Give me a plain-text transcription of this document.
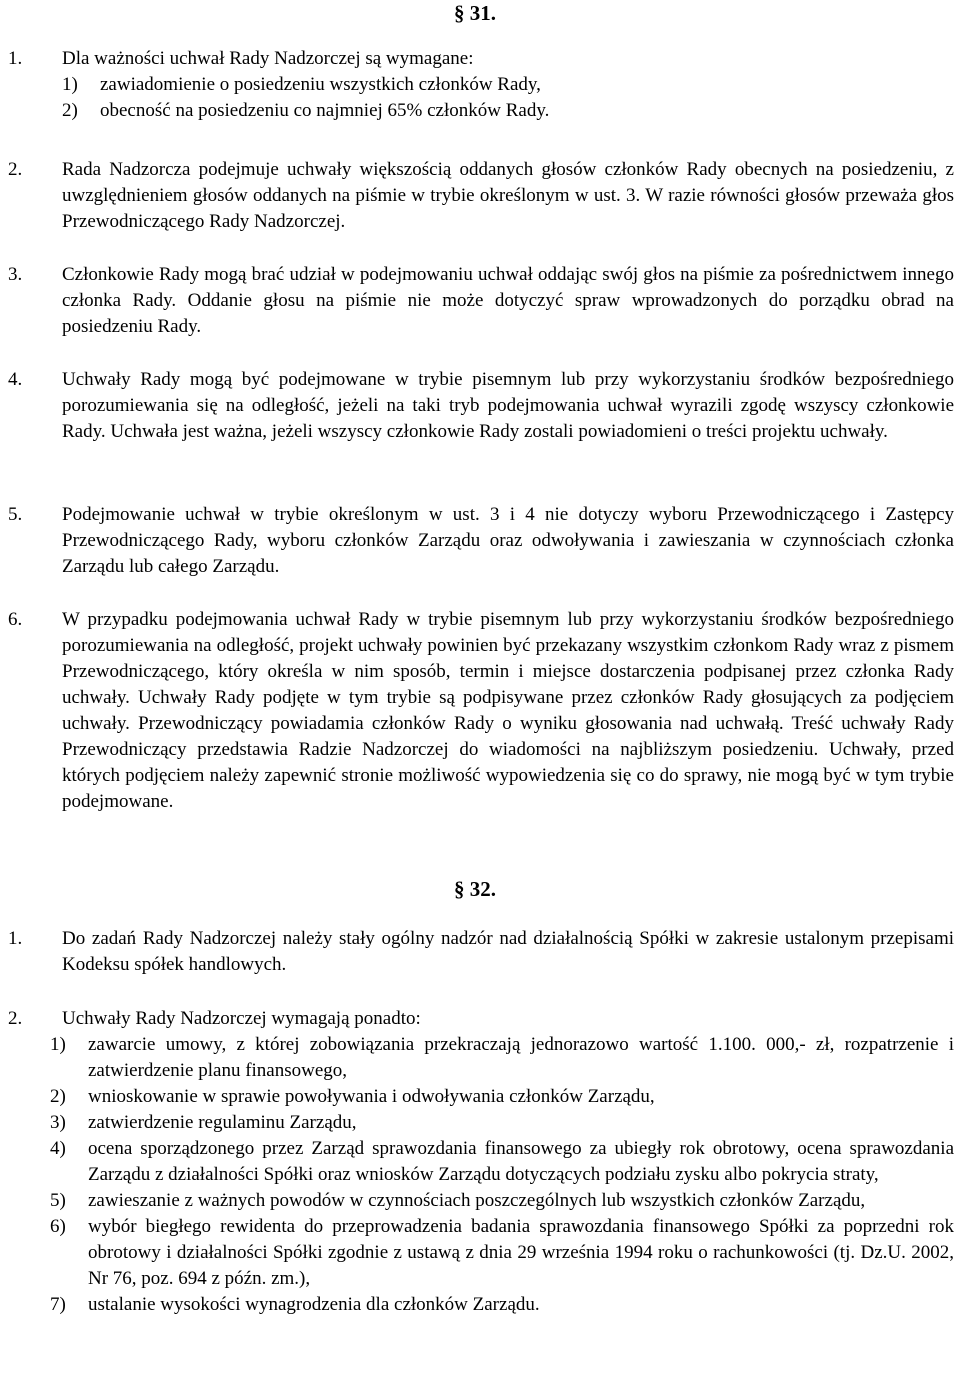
§ 31.
1. Dla ważności uchwał Rady Nadzorczej są wymagane:
1) zawiadomienie o posiedzeniu wszystkich członków Rady,
2) obecność na posiedzeniu co najmniej 65% członków Rady.
2. Rada Nadzorcza podejmuje uchwały większością oddanych głosów członków Rady obecnych na posiedzeniu, z uwzględnieniem głosów oddanych na piśmie w trybie określonym w ust. 3. W razie równości głosów przeważa głos Przewodniczącego Rady Nadzorczej.
3. Członkowie Rady mogą brać udział w podejmowaniu uchwał oddając swój głos na piśmie za pośrednictwem innego członka Rady. Oddanie głosu na piśmie nie może dotyczyć spraw wprowadzonych do porządku obrad na posiedzeniu Rady.
4. Uchwały Rady mogą być podejmowane w trybie pisemnym lub przy wykorzystaniu środków bezpośredniego porozumiewania się na odległość, jeżeli na taki tryb podejmowania uchwał wyrazili zgodę wszyscy członkowie Rady. Uchwała jest ważna, jeżeli wszyscy członkowie Rady zostali powiadomieni o treści projektu uchwały.
5. Podejmowanie uchwał w trybie określonym w ust. 3 i 4 nie dotyczy wyboru Przewodniczącego i Zastępcy Przewodniczącego Rady, wyboru członków Zarządu oraz odwoływania i zawieszania w czynnościach członka Zarządu lub całego Zarządu.
6. W przypadku podejmowania uchwał Rady w trybie pisemnym lub przy wykorzystaniu środków bezpośredniego porozumiewania na odległość, projekt uchwały powinien być przekazany wszystkim członkom Rady wraz z pismem Przewodniczącego, który określa w nim sposób, termin i miejsce dostarczenia podpisanej przez członka Rady uchwały. Uchwały Rady podjęte w tym trybie są podpisywane przez członków Rady głosujących za podjęciem uchwały. Przewodniczący powiadamia członków Rady o wyniku głosowania nad uchwałą. Treść uchwały Rady Przewodniczący przedstawia Radzie Nadzorczej do wiadomości na najbliższym posiedzeniu. Uchwały, przed których podjęciem należy zapewnić stronie możliwość wypowiedzenia się co do sprawy, nie mogą być w tym trybie podejmowane.
§ 32.
1. Do zadań Rady Nadzorczej należy stały ogólny nadzór nad działalnością Spółki w zakresie ustalonym przepisami Kodeksu spółek handlowych.
2. Uchwały Rady Nadzorczej wymagają ponadto:
1) zawarcie umowy, z której zobowiązania przekraczają jednorazowo wartość 1.100. 000,- zł, rozpatrzenie i zatwierdzenie planu finansowego,
2) wnioskowanie w sprawie powoływania i odwoływania członków Zarządu,
3) zatwierdzenie regulaminu Zarządu,
4) ocena sporządzonego przez Zarząd sprawozdania finansowego za ubiegły rok obrotowy, ocena sprawozdania Zarządu z działalności Spółki oraz wniosków Zarządu dotyczących podziału zysku albo pokrycia straty,
5) zawieszanie z ważnych powodów w czynnościach poszczególnych lub wszystkich członków Zarządu,
6) wybór biegłego rewidenta do przeprowadzenia badania sprawozdania finansowego Spółki za poprzedni rok obrotowy i działalności Spółki zgodnie z ustawą z dnia 29 września 1994 roku o rachunkowości (tj. Dz.U. 2002, Nr 76, poz. 694 z późn. zm.),
7) ustalanie wysokości wynagrodzenia dla członków Zarządu.
